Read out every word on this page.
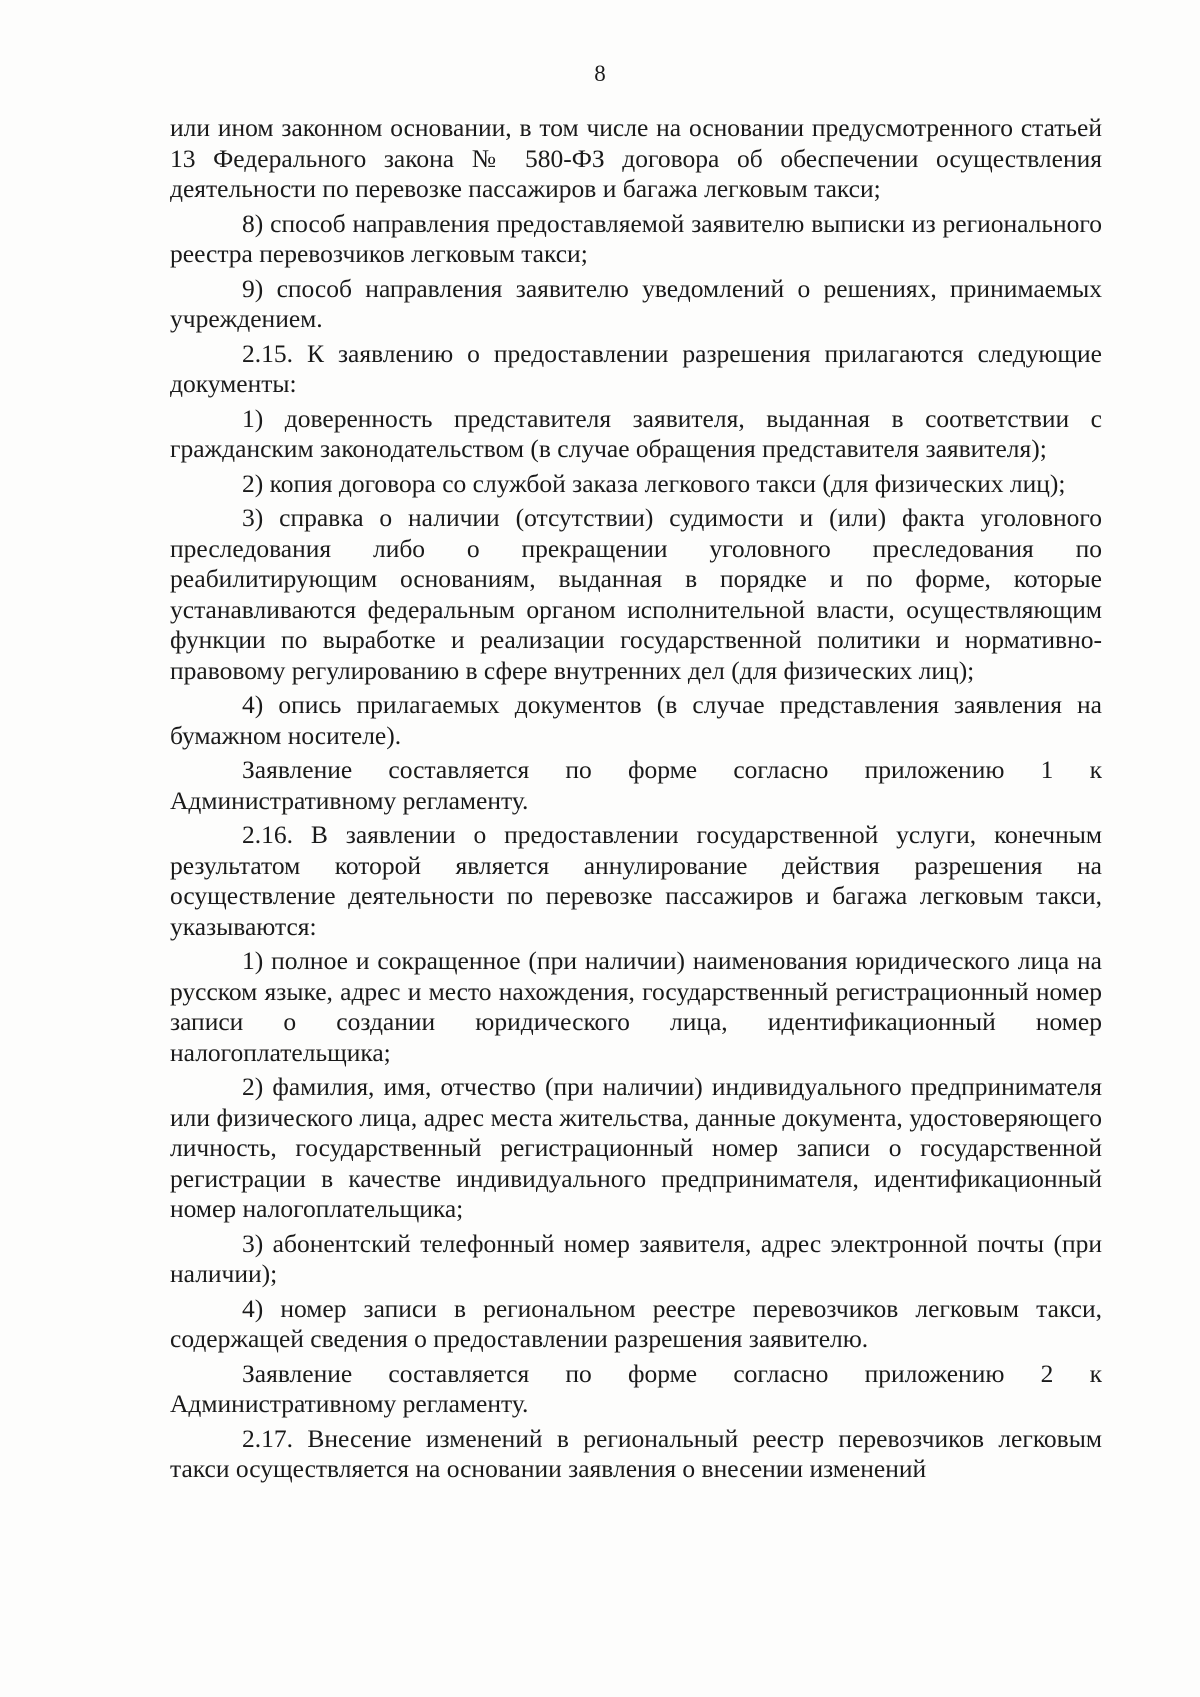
8

или ином законном основании, в том числе на основании предусмотренного статьей 13 Федерального закона № 580-ФЗ договора об обеспечении осуществления деятельности по перевозке пассажиров и багажа легковым такси;

8) способ направления предоставляемой заявителю выписки из регионального реестра перевозчиков легковым такси;

9) способ направления заявителю уведомлений о решениях, принимаемых учреждением.

2.15. К заявлению о предоставлении разрешения прилагаются следующие документы:

1) доверенность представителя заявителя, выданная в соответствии с гражданским законодательством (в случае обращения представителя заявителя);

2) копия договора со службой заказа легкового такси (для физических лиц);

3) справка о наличии (отсутствии) судимости и (или) факта уголовного преследования либо о прекращении уголовного преследования по реабилитирующим основаниям, выданная в порядке и по форме, которые устанавливаются федеральным органом исполнительной власти, осуществляющим функции по выработке и реализации государственной политики и нормативно-правовому регулированию в сфере внутренних дел (для физических лиц);

4) опись прилагаемых документов (в случае представления заявления на бумажном носителе).

Заявление составляется по форме согласно приложению 1 к Административному регламенту.

2.16. В заявлении о предоставлении государственной услуги, конечным результатом которой является аннулирование действия разрешения на осуществление деятельности по перевозке пассажиров и багажа легковым такси, указываются:

1) полное и сокращенное (при наличии) наименования юридического лица на русском языке, адрес и место нахождения, государственный регистрационный номер записи о создании юридического лица, идентификационный номер налогоплательщика;

2) фамилия, имя, отчество (при наличии) индивидуального предпринимателя или физического лица, адрес места жительства, данные документа, удостоверяющего личность, государственный регистрационный номер записи о государственной регистрации в качестве индивидуального предпринимателя, идентификационный номер налогоплательщика;

3) абонентский телефонный номер заявителя, адрес электронной почты (при наличии);

4) номер записи в региональном реестре перевозчиков легковым такси, содержащей сведения о предоставлении разрешения заявителю.

Заявление составляется по форме согласно приложению 2 к Административному регламенту.

2.17. Внесение изменений в региональный реестр перевозчиков легковым такси осуществляется на основании заявления о внесении изменений
